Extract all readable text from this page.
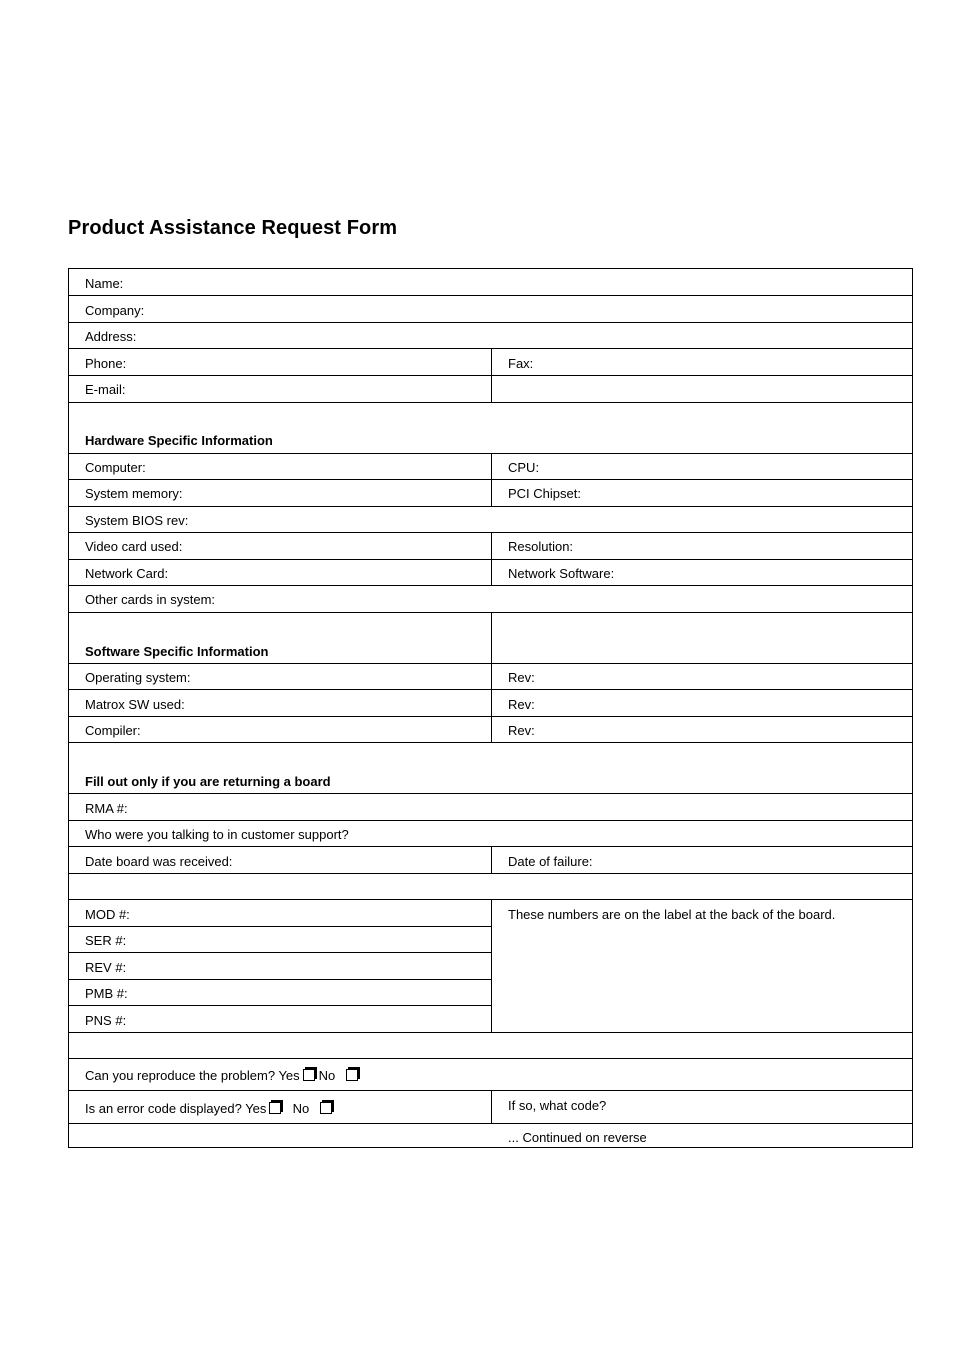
Product Assistance Request Form
Name:
Company:
Address:
Phone:	Fax:
E-mail:
Hardware Specific Information
Computer:	CPU:
System memory:	PCI Chipset:
System BIOS rev:
Video card used:	Resolution:
Network Card:	Network Software:
Other cards in system:
Software Specific Information
Operating system:	Rev:
Matrox SW used:	Rev:
Compiler:	Rev:
Fill out only if you are returning a board
RMA #:
Who were you talking to in customer support?
Date board was received:	Date of failure:
MOD #:	These numbers are on the label at the back of the board.
SER #:
REV #:
PMB #:
PNS #:
Can you reproduce the problem? Yes No
Is an error code displayed? Yes No	If so, what code?
... Continued on reverse
